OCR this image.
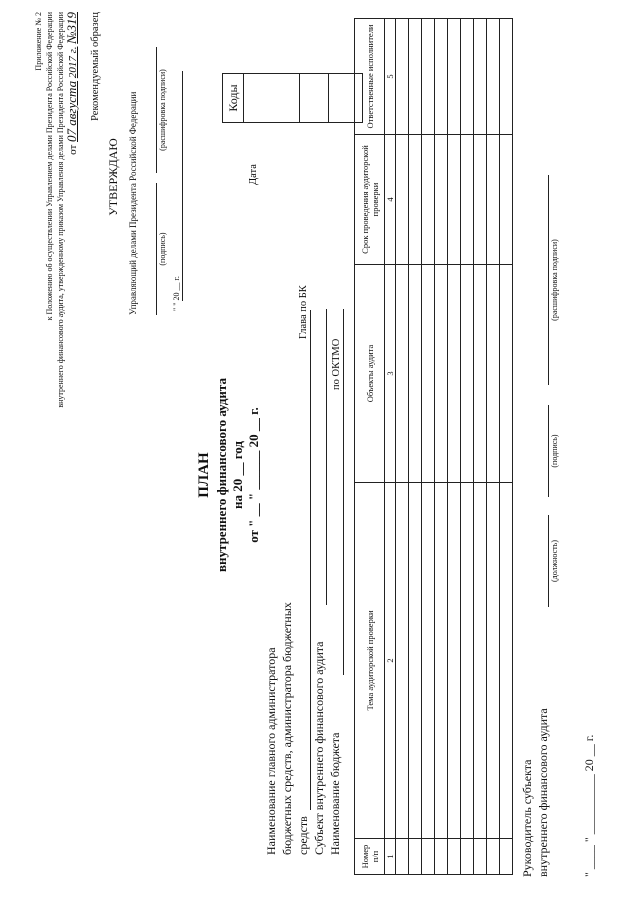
Приложение № 2 к Положению об осуществлении Управлением делами Президента Российской Федерации внутреннего финансового аудита, утвержденному приказом Управления делами Президента Российской Федерации от 07 августа 2017 г. №319 Рекомендуемый образец
УТВЕРЖДАЮ Управляющий делами Президента Российской Федерации	(подпись)
(расшифровка подписи)
" " 20 __ г.
Дата
Глава по БК
по ОКТМО
Коды

ПЛАН внутреннего финансового аудита на 20 __ год от " __ " ______ 20 __ г.
Наименование главного администратора бюджетных средств, администратора бюджетных средств Субъект внутреннего финансового аудита Наименование бюджета
Номер п/п	Тема аудиторской проверки	Объекты аудита	Срок проведения аудиторской проверки	Ответственные исполнители
1	2	3	4	5

Руководитель субъекта внутреннего финансового аудита
(должность)
(подпись)
(расшифровка подписи)
" ____ " __________ 20 __ г.
